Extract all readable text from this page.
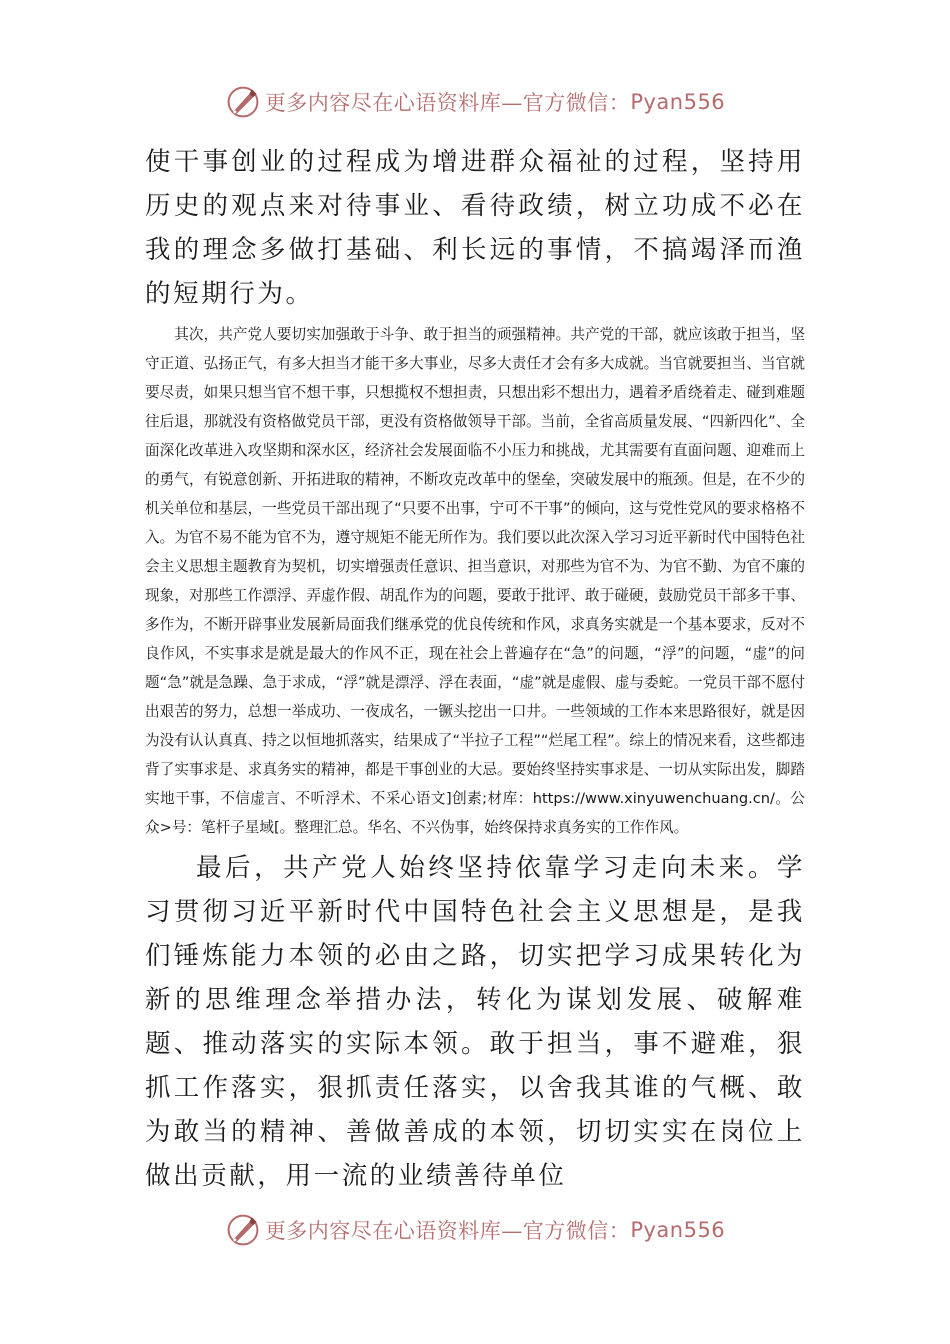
更多内容尽在心语资料库—官方微信： Pyan556

使干事创业的过程成为增进群众福祉的过程，坚持用历史的观点来对待事业、看待政绩，树立功成不必在我的理念多做打基础、利长远的事情，不搞竭泽而渔的短期行为。

其次，共产党人要切实加强敢于斗争、敢于担当的顽强精神。共产党的干部，就应该敢于担当，坚守正道、弘扬正气，有多大担当才能干多大事业，尽多大责任才会有多大成就。当官就要担当、当官就要尽责，如果只想当官不想干事，只想揽权不想担责，只想出彩不想出力，遇着矛盾绕着走、碰到难题往后退，那就没有资格做党员干部，更没有资格做领导干部。当前，全省高质量发展、“四新四化”、全面深化改革进入攻坚期和深水区，经济社会发展面临不小压力和挑战，尤其需要有直面问题、迎难而上的勇气，有锐意创新、开拓进取的精神，不断攻克改革中的堡垒，突破发展中的瓶颈。但是，在不少的机关单位和基层，一些党员干部出现了“只要不出事，宁可不干事”的倾向，这与党性党风的要求格格不入。为官不易不能为官不为，遵守规矩不能无所作为。我们要以此次深入学习习近平新时代中国特色社会主义思想主题教育为契机，切实增强责任意识、担当意识，对那些为官不为、为官不勤、为官不廉的现象，对那些工作漂浮、弄虚作假、胡乱作为的问题，要敢于批评、敢于碰硬，鼓励党员干部多干事、多作为，不断开辟事业发展新局面我们继承党的优良传统和作风，求真务实就是一个基本要求，反对不良作风，不实事求是就是最大的作风不正，现在社会上普遍存在“急”的问题，“浮”的问题，“虚”的问题“急”就是急躁、急于求成，“浮”就是漂浮、浮在表面，“虚”就是虚假、虚与委蛇。一党员干部不愿付出艰苦的努力，总想一举成功、一夜成名，一镢头挖出一口井。一些领域的工作本来思路很好，就是因为没有认认真真、持之以恒地抓落实，结果成了“半拉子工程”“烂尾工程”。综上的情况来看，这些都违背了实事求是、求真务实的精神，都是干事创业的大忌。要始终坚持实事求是、一切从实际出发，脚踏实地干事，不信虚言、不听浮术、不采心语文]创素;材库：https://www.xinyuwenchuang.cn/。公众>号：笔杆子星域[。整理汇总。华名、不兴伪事，始终保持求真务实的工作作风。

最后，共产党人始终坚持依靠学习走向未来。学习贯彻习近平新时代中国特色社会主义思想是，是我们锤炼能力本领的必由之路，切实把学习成果转化为新的思维理念举措办法，转化为谋划发展、破解难题、推动落实的实际本领。敢于担当，事不避难，狠抓工作落实，狠抓责任落实，以舍我其谁的气概、敢为敢当的精神、善做善成的本领，切切实实在岗位上做出贡献，用一流的业绩善待单位

更多内容尽在心语资料库—官方微信： Pyan556
